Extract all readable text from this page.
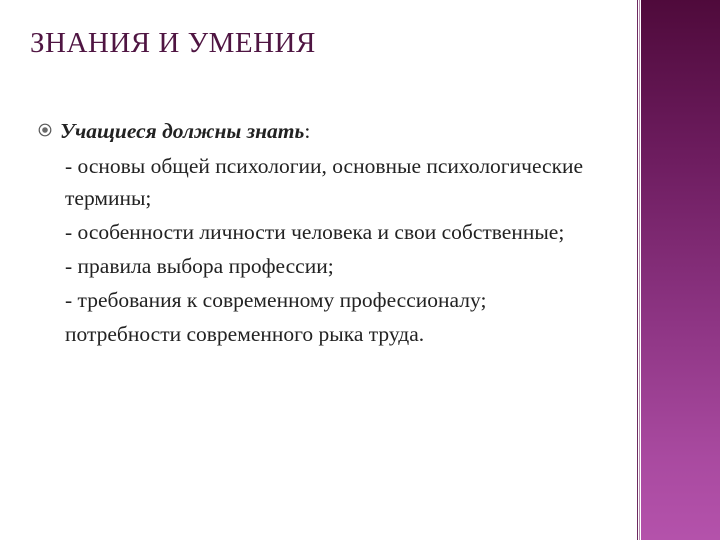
ЗНАНИЯ И УМЕНИЯ
Учащиеся должны знать:
- основы общей психологии, основные психологические термины;
- особенности личности человека и свои собственные;
- правила выбора профессии;
- требования к современному профессионалу;
потребности современного рыка труда.
